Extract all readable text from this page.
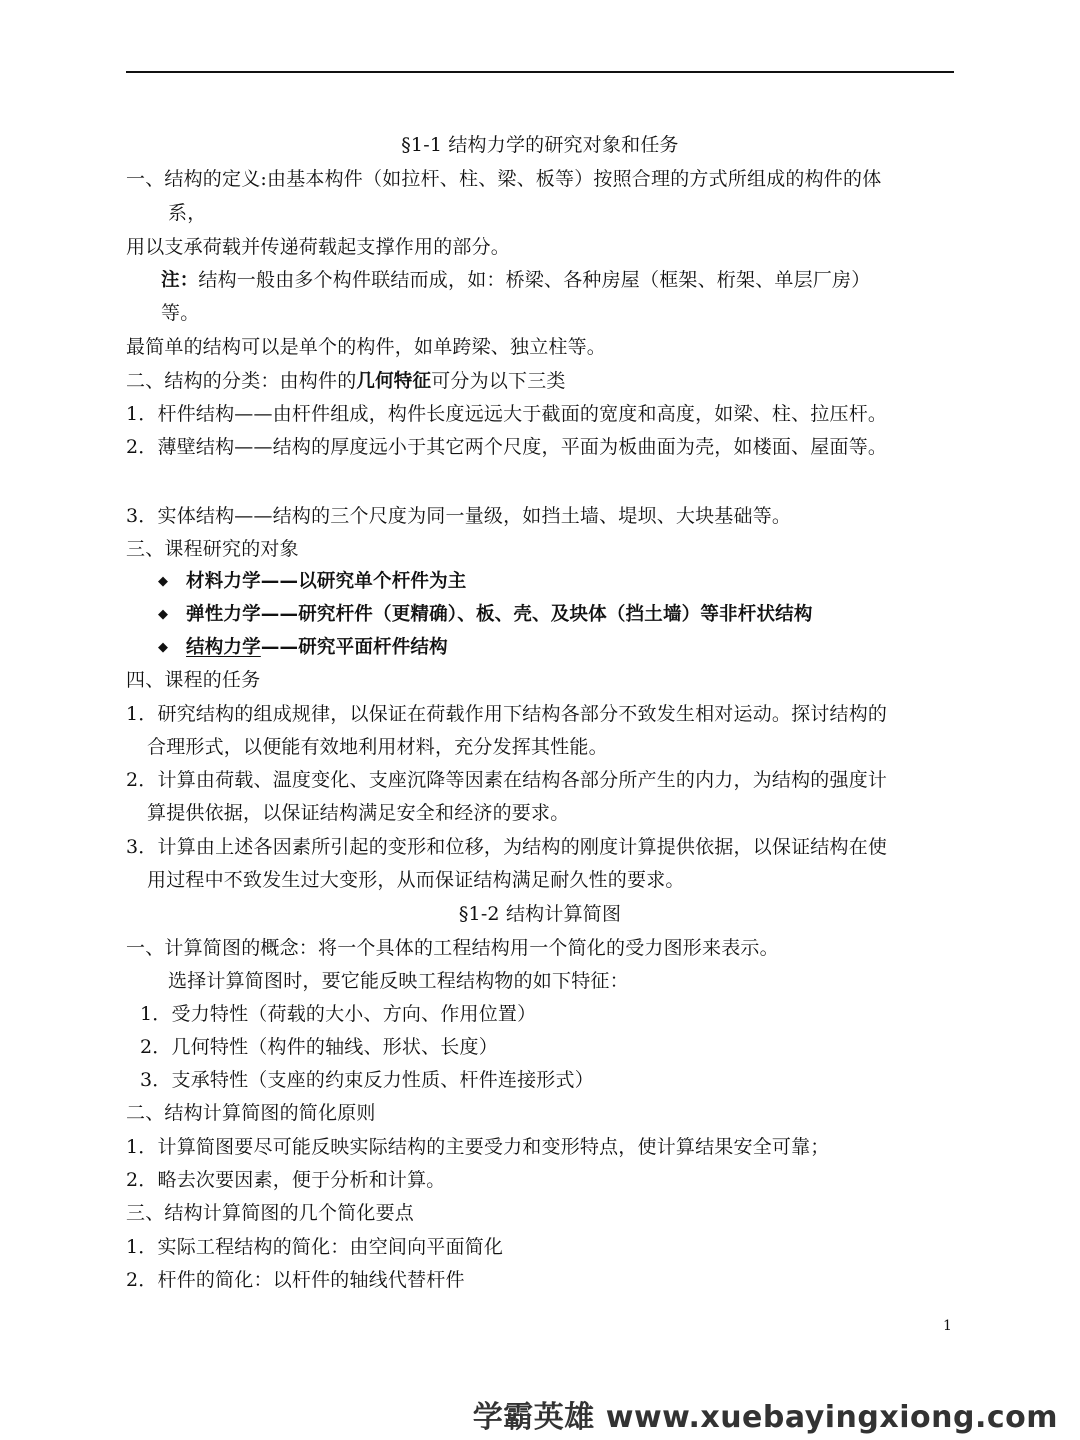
§1-1 结构力学的研究对象和任务
一、结构的定义:由基本构件（如拉杆、柱、梁、板等）按照合理的方式所组成的构件的体
系，
用以支承荷载并传递荷载起支撑作用的部分。
注：结构一般由多个构件联结而成，如：桥梁、各种房屋（框架、桁架、单层厂房）
等。
最简单的结构可以是单个的构件，如单跨梁、独立柱等。
二、结构的分类：由构件的几何特征可分为以下三类
1．杆件结构——由杆件组成，构件长度远远大于截面的宽度和高度，如梁、柱、拉压杆。
2．薄壁结构——结构的厚度远小于其它两个尺度，平面为板曲面为壳，如楼面、屋面等。
3．实体结构——结构的三个尺度为同一量级，如挡土墙、堤坝、大块基础等。
三、课程研究的对象
◆ 材料力学——以研究单个杆件为主
◆ 弹性力学——研究杆件（更精确）、板、壳、及块体（挡土墙）等非杆状结构
◆ 结构力学——研究平面杆件结构
四、课程的任务
1．研究结构的组成规律，以保证在荷载作用下结构各部分不致发生相对运动。探讨结构的
合理形式，以便能有效地利用材料，充分发挥其性能。
2．计算由荷载、温度变化、支座沉降等因素在结构各部分所产生的内力，为结构的强度计
算提供依据，以保证结构满足安全和经济的要求。
3．计算由上述各因素所引起的变形和位移，为结构的刚度计算提供依据，以保证结构在使
用过程中不致发生过大变形，从而保证结构满足耐久性的要求。
§1-2 结构计算简图
一、计算简图的概念：将一个具体的工程结构用一个简化的受力图形来表示。
选择计算简图时，要它能反映工程结构物的如下特征：
1．受力特性（荷载的大小、方向、作用位置）
2．几何特性（构件的轴线、形状、长度）
3．支承特性（支座的约束反力性质、杆件连接形式）
二、结构计算简图的简化原则
1．计算简图要尽可能反映实际结构的主要受力和变形特点，使计算结果安全可靠；
2．略去次要因素，便于分析和计算。
三、结构计算简图的几个简化要点
1．实际工程结构的简化：由空间向平面简化
2．杆件的简化：以杆件的轴线代替杆件
1
学霸英雄 www.xuebayingxiong.com
